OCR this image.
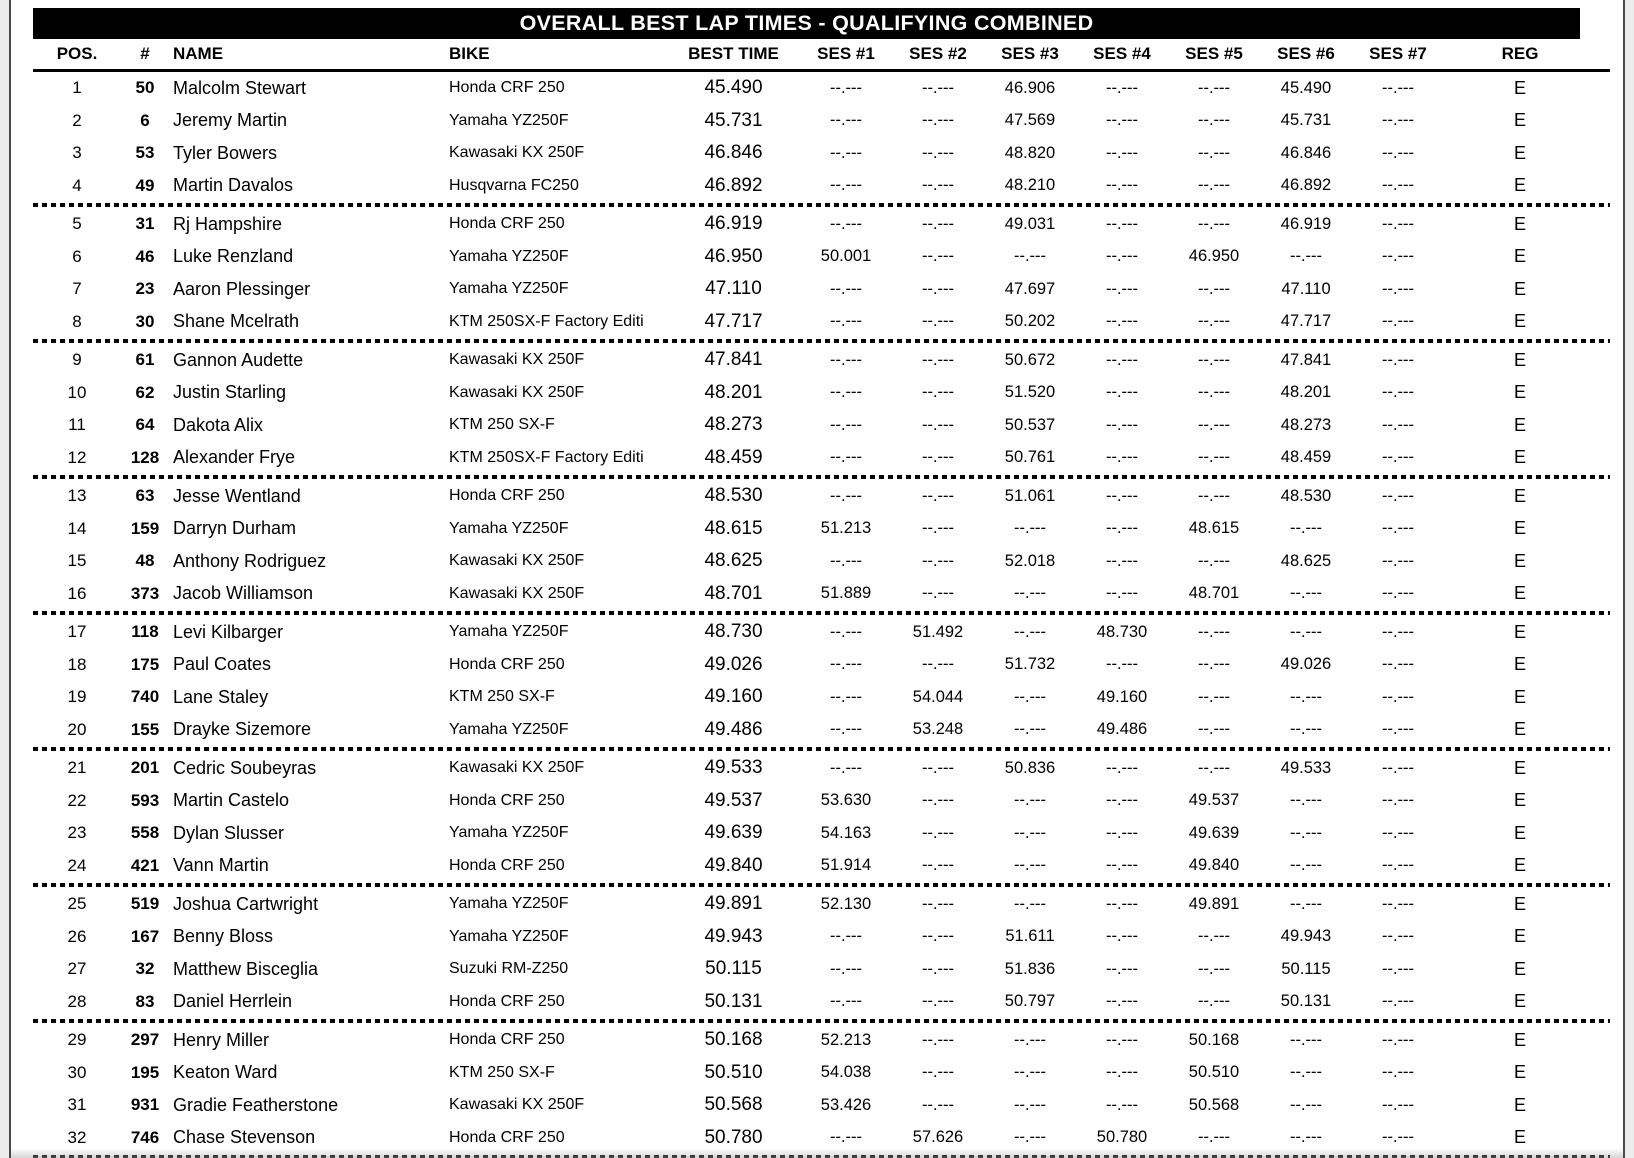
OVERALL BEST LAP TIMES - QUALIFYING COMBINED
POS.	#	NAME	BIKE	BEST TIME	SES #1	SES #2	SES #3	SES #4	SES #5	SES #6	SES #7	REG
1	50	Malcolm Stewart	Honda CRF 250	45.490	--.---	--.---	46.906	--.---	--.---	45.490	--.---	E
2	6	Jeremy Martin	Yamaha YZ250F	45.731	--.---	--.---	47.569	--.---	--.---	45.731	--.---	E
3	53	Tyler Bowers	Kawasaki KX 250F	46.846	--.---	--.---	48.820	--.---	--.---	46.846	--.---	E
4	49	Martin Davalos	Husqvarna FC250	46.892	--.---	--.---	48.210	--.---	--.---	46.892	--.---	E

5	31	Rj Hampshire	Honda CRF 250	46.919	--.---	--.---	49.031	--.---	--.---	46.919	--.---	E
6	46	Luke Renzland	Yamaha YZ250F	46.950	50.001	--.---	--.---	--.---	46.950	--.---	--.---	E
7	23	Aaron Plessinger	Yamaha YZ250F	47.110	--.---	--.---	47.697	--.---	--.---	47.110	--.---	E
8	30	Shane Mcelrath	KTM 250SX-F Factory Editi	47.717	--.---	--.---	50.202	--.---	--.---	47.717	--.---	E

9	61	Gannon Audette	Kawasaki KX 250F	47.841	--.---	--.---	50.672	--.---	--.---	47.841	--.---	E
10	62	Justin Starling	Kawasaki KX 250F	48.201	--.---	--.---	51.520	--.---	--.---	48.201	--.---	E
11	64	Dakota Alix	KTM 250 SX-F	48.273	--.---	--.---	50.537	--.---	--.---	48.273	--.---	E
12	128	Alexander Frye	KTM 250SX-F Factory Editi	48.459	--.---	--.---	50.761	--.---	--.---	48.459	--.---	E

13	63	Jesse Wentland	Honda CRF 250	48.530	--.---	--.---	51.061	--.---	--.---	48.530	--.---	E
14	159	Darryn Durham	Yamaha YZ250F	48.615	51.213	--.---	--.---	--.---	48.615	--.---	--.---	E
15	48	Anthony Rodriguez	Kawasaki KX 250F	48.625	--.---	--.---	52.018	--.---	--.---	48.625	--.---	E
16	373	Jacob Williamson	Kawasaki KX 250F	48.701	51.889	--.---	--.---	--.---	48.701	--.---	--.---	E

17	118	Levi Kilbarger	Yamaha YZ250F	48.730	--.---	51.492	--.---	48.730	--.---	--.---	--.---	E
18	175	Paul Coates	Honda CRF 250	49.026	--.---	--.---	51.732	--.---	--.---	49.026	--.---	E
19	740	Lane Staley	KTM 250 SX-F	49.160	--.---	54.044	--.---	49.160	--.---	--.---	--.---	E
20	155	Drayke Sizemore	Yamaha YZ250F	49.486	--.---	53.248	--.---	49.486	--.---	--.---	--.---	E

21	201	Cedric Soubeyras	Kawasaki KX 250F	49.533	--.---	--.---	50.836	--.---	--.---	49.533	--.---	E
22	593	Martin Castelo	Honda CRF 250	49.537	53.630	--.---	--.---	--.---	49.537	--.---	--.---	E
23	558	Dylan Slusser	Yamaha YZ250F	49.639	54.163	--.---	--.---	--.---	49.639	--.---	--.---	E
24	421	Vann Martin	Honda CRF 250	49.840	51.914	--.---	--.---	--.---	49.840	--.---	--.---	E

25	519	Joshua Cartwright	Yamaha YZ250F	49.891	52.130	--.---	--.---	--.---	49.891	--.---	--.---	E
26	167	Benny Bloss	Yamaha YZ250F	49.943	--.---	--.---	51.611	--.---	--.---	49.943	--.---	E
27	32	Matthew Bisceglia	Suzuki RM-Z250	50.115	--.---	--.---	51.836	--.---	--.---	50.115	--.---	E
28	83	Daniel Herrlein	Honda CRF 250	50.131	--.---	--.---	50.797	--.---	--.---	50.131	--.---	E

29	297	Henry Miller	Honda CRF 250	50.168	52.213	--.---	--.---	--.---	50.168	--.---	--.---	E
30	195	Keaton Ward	KTM 250 SX-F	50.510	54.038	--.---	--.---	--.---	50.510	--.---	--.---	E
31	931	Gradie Featherstone	Kawasaki KX 250F	50.568	53.426	--.---	--.---	--.---	50.568	--.---	--.---	E
32	746	Chase Stevenson	Honda CRF 250	50.780	--.---	57.626	--.---	50.780	--.---	--.---	--.---	E
